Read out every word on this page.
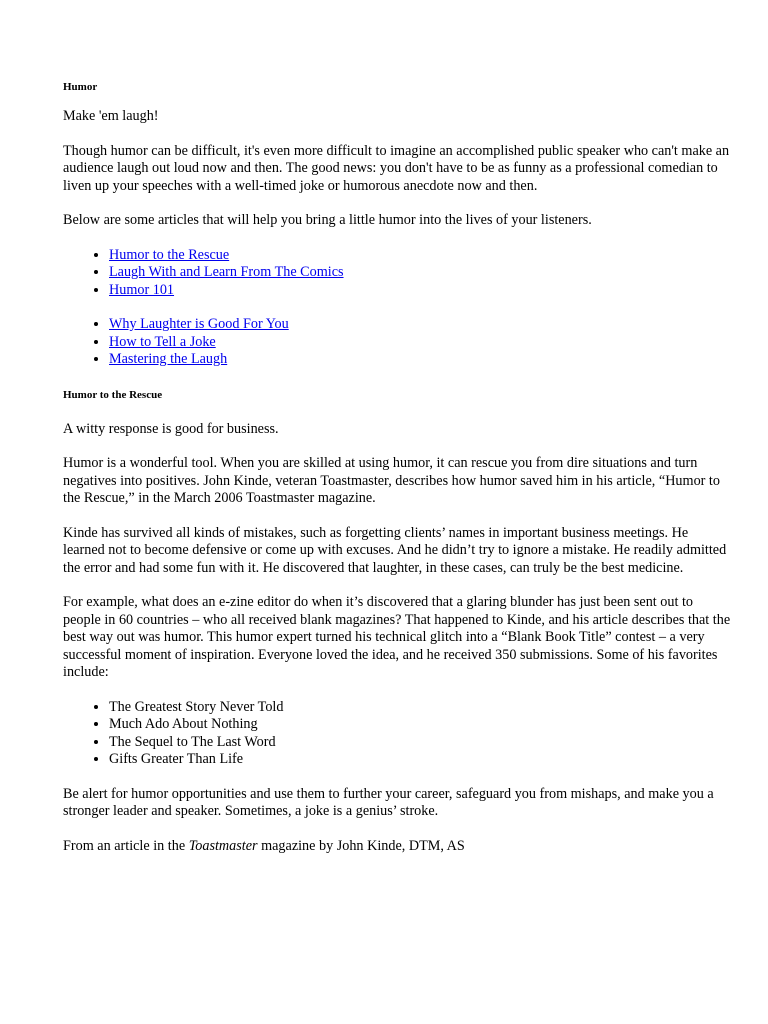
Humor

Make 'em laugh!

Though humor can be difficult, it's even more difficult to imagine an accomplished public speaker who can't make an audience laugh out loud now and then. The good news: you don't have to be as funny as a professional comedian to liven up your speeches with a well-timed joke or humorous anecdote now and then.

Below are some articles that will help you bring a little humor into the lives of your listeners.

• Humor to the Rescue
• Laugh With and Learn From The Comics
• Humor 101
• Why Laughter is Good For You
• How to Tell a Joke
• Mastering the Laugh
Humor to the Rescue

A witty response is good for business.

Humor is a wonderful tool. When you are skilled at using humor, it can rescue you from dire situations and turn negatives into positives. John Kinde, veteran Toastmaster, describes how humor saved him in his article, “Humor to the Rescue,” in the March 2006 Toastmaster magazine.

Kinde has survived all kinds of mistakes, such as forgetting clients’ names in important business meetings. He learned not to become defensive or come up with excuses. And he didn’t try to ignore a mistake. He readily admitted the error and had some fun with it. He discovered that laughter, in these cases, can truly be the best medicine.

For example, what does an e-zine editor do when it’s discovered that a glaring blunder has just been sent out to people in 60 countries – who all received blank magazines? That happened to Kinde, and his article describes that the best way out was humor. This humor expert turned his technical glitch into a “Blank Book Title” contest – a very successful moment of inspiration. Everyone loved the idea, and he received 350 submissions. Some of his favorites include:

• The Greatest Story Never Told
• Much Ado About Nothing
• The Sequel to The Last Word
• Gifts Greater Than Life

Be alert for humor opportunities and use them to further your career, safeguard you from mishaps, and make you a stronger leader and speaker. Sometimes, a joke is a genius’ stroke.

From an article in the Toastmaster magazine by John Kinde, DTM, AS
